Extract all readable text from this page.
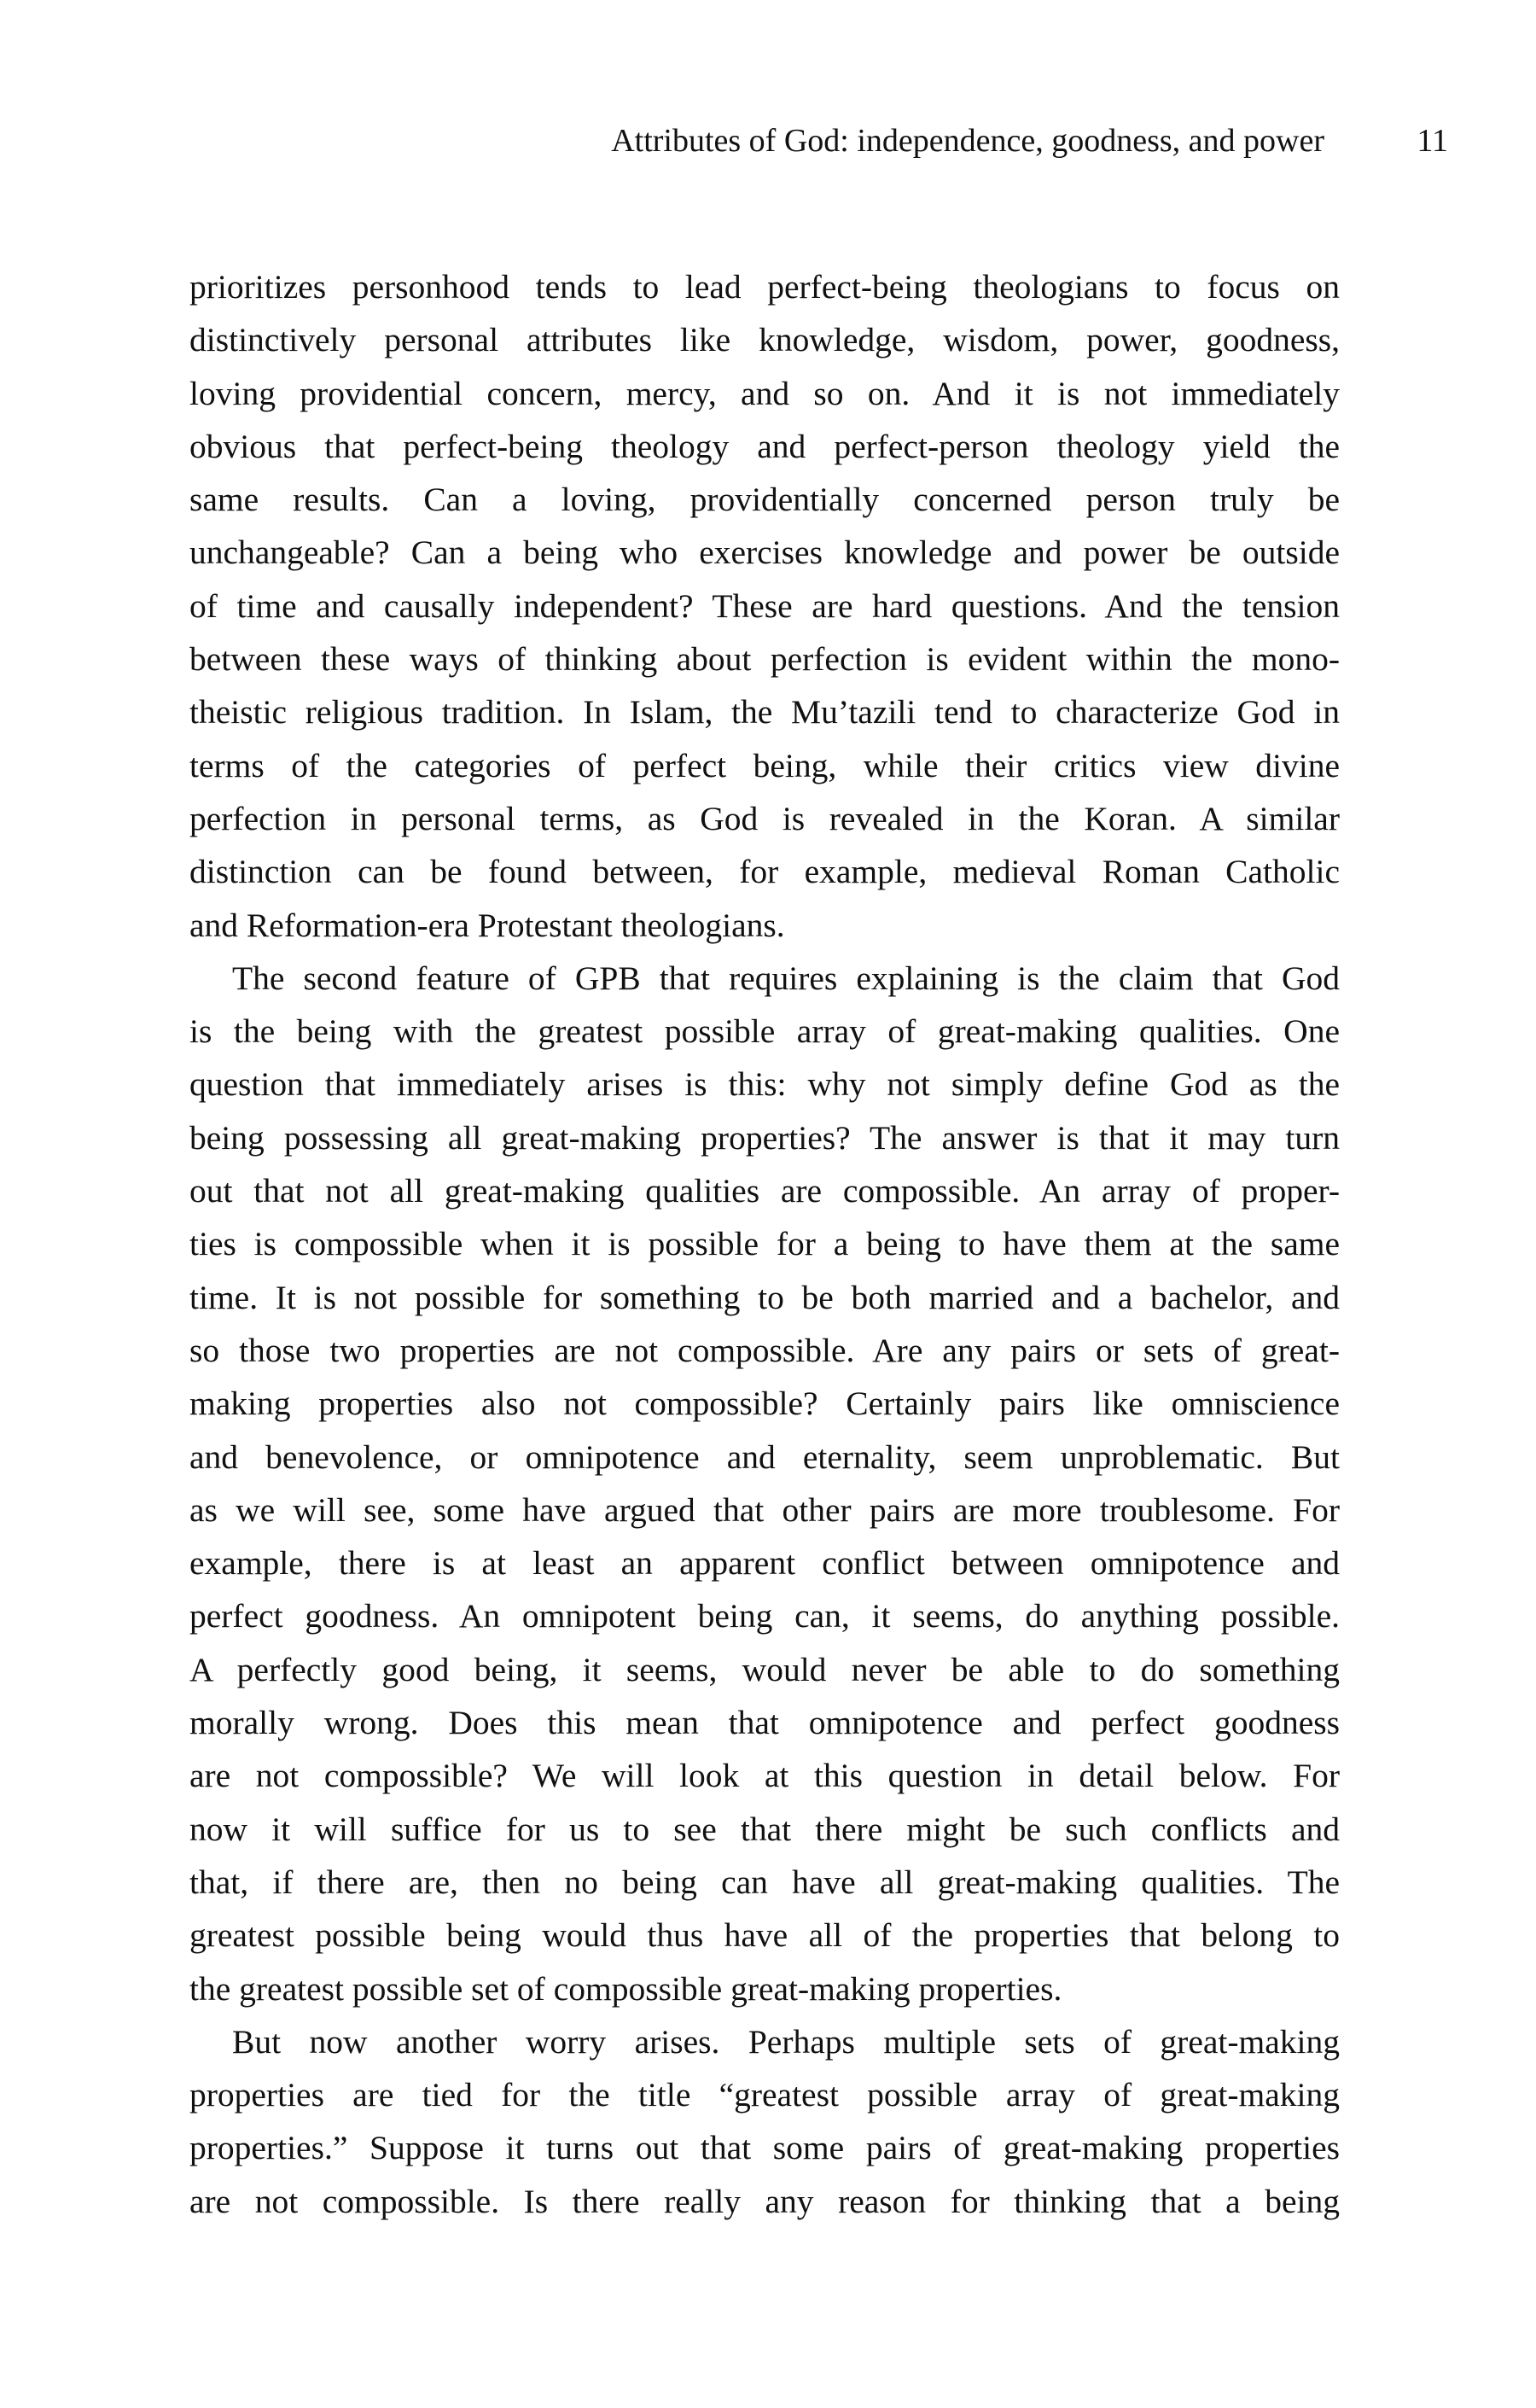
Attributes of God: independence, goodness, and power	11
prioritizes personhood tends to lead perfect-being theologians to focus on
distinctively personal attributes like knowledge, wisdom, power, goodness,
loving providential concern, mercy, and so on. And it is not immediately
obvious that perfect-being theology and perfect-person theology yield the
same results. Can a loving, providentially concerned person truly be
unchangeable? Can a being who exercises knowledge and power be outside
of time and causally independent? These are hard questions. And the tension
between these ways of thinking about perfection is evident within the mono-
theistic religious tradition. In Islam, the Mu’tazili tend to characterize God in
terms of the categories of perfect being, while their critics view divine
perfection in personal terms, as God is revealed in the Koran. A similar
distinction can be found between, for example, medieval Roman Catholic
and Reformation-era Protestant theologians.
The second feature of GPB that requires explaining is the claim that God
is the being with the greatest possible array of great-making qualities. One
question that immediately arises is this: why not simply define God as the
being possessing all great-making properties? The answer is that it may turn
out that not all great-making qualities are compossible. An array of proper-
ties is compossible when it is possible for a being to have them at the same
time. It is not possible for something to be both married and a bachelor, and
so those two properties are not compossible. Are any pairs or sets of great-
making properties also not compossible? Certainly pairs like omniscience
and benevolence, or omnipotence and eternality, seem unproblematic. But
as we will see, some have argued that other pairs are more troublesome. For
example, there is at least an apparent conflict between omnipotence and
perfect goodness. An omnipotent being can, it seems, do anything possible.
A perfectly good being, it seems, would never be able to do something
morally wrong. Does this mean that omnipotence and perfect goodness
are not compossible? We will look at this question in detail below. For
now it will suffice for us to see that there might be such conflicts and
that, if there are, then no being can have all great-making qualities. The
greatest possible being would thus have all of the properties that belong to
the greatest possible set of compossible great-making properties.
But now another worry arises. Perhaps multiple sets of great-making
properties are tied for the title “greatest possible array of great-making
properties.” Suppose it turns out that some pairs of great-making properties
are not compossible. Is there really any reason for thinking that a being
